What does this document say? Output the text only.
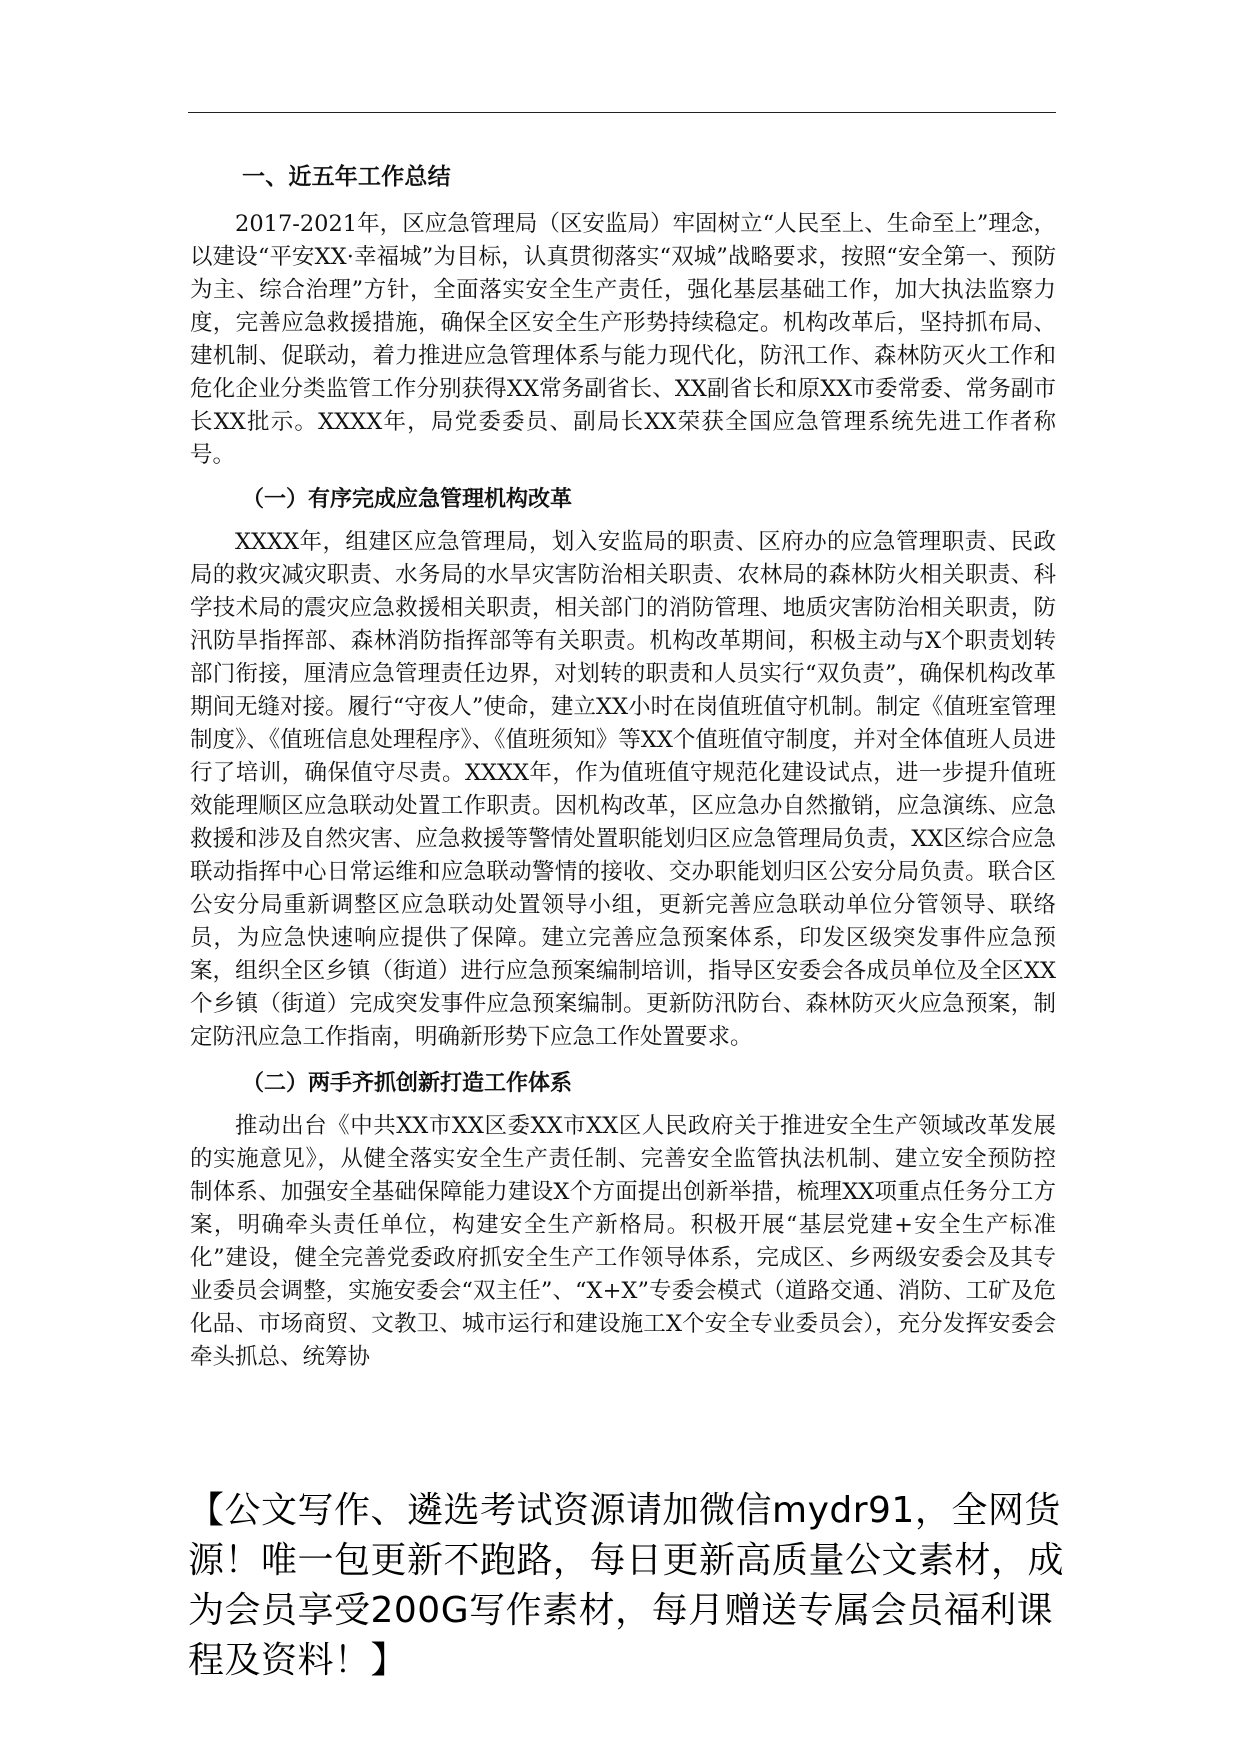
一、近五年工作总结

2017-2021年，区应急管理局（区安监局）牢固树立“人民至上、生命至上”理念，以建设“平安XX·幸福城”为目标，认真贯彻落实“双城”战略要求，按照“安全第一、预防为主、综合治理”方针，全面落实安全生产责任，强化基层基础工作，加大执法监察力度，完善应急救援措施，确保全区安全生产形势持续稳定。机构改革后，坚持抓布局、建机制、促联动，着力推进应急管理体系与能力现代化，防汛工作、森林防灭火工作和危化企业分类监管工作分别获得XX常务副省长、XX副省长和原XX市委常委、常务副市长XX批示。XXXX年，局党委委员、副局长XX荣获全国应急管理系统先进工作者称号。

（一）有序完成应急管理机构改革

XXXX年，组建区应急管理局，划入安监局的职责、区府办的应急管理职责、民政局的救灾减灾职责、水务局的水旱灾害防治相关职责、农林局的森林防火相关职责、科学技术局的震灾应急救援相关职责，相关部门的消防管理、地质灾害防治相关职责，防汛防旱指挥部、森林消防指挥部等有关职责。机构改革期间，积极主动与X个职责划转部门衔接，厘清应急管理责任边界，对划转的职责和人员实行“双负责”，确保机构改革期间无缝对接。履行“守夜人”使命，建立XX小时在岗值班值守机制。制定《值班室管理制度》、《值班信息处理程序》、《值班须知》等XX个值班值守制度，并对全体值班人员进行了培训，确保值守尽责。XXXX年，作为值班值守规范化建设试点，进一步提升值班效能理顺区应急联动处置工作职责。因机构改革，区应急办自然撤销，应急演练、应急救援和涉及自然灾害、应急救援等警情处置职能划归区应急管理局负责，XX区综合应急联动指挥中心日常运维和应急联动警情的接收、交办职能划归区公安分局负责。联合区公安分局重新调整区应急联动处置领导小组，更新完善应急联动单位分管领导、联络员，为应急快速响应提供了保障。建立完善应急预案体系，印发区级突发事件应急预案，组织全区乡镇（街道）进行应急预案编制培训，指导区安委会各成员单位及全区XX个乡镇（街道）完成突发事件应急预案编制。更新防汛防台、森林防灭火应急预案，制定防汛应急工作指南，明确新形势下应急工作处置要求。

（二）两手齐抓创新打造工作体系

推动出台《中共XX市XX区委XX市XX区人民政府关于推进安全生产领域改革发展的实施意见》，从健全落实安全生产责任制、完善安全监管执法机制、建立安全预防控制体系、加强安全基础保障能力建设X个方面提出创新举措，梳理XX项重点任务分工方案，明确牵头责任单位，构建安全生产新格局。积极开展“基层党建+安全生产标准化”建设，健全完善党委政府抓安全生产工作领导体系，完成区、乡两级安委会及其专业委员会调整，实施安委会“双主任”、“X+X”专委会模式（道路交通、消防、工矿及危化品、市场商贸、文教卫、城市运行和建设施工X个安全专业委员会），充分发挥安委会牵头抓总、统筹协

【公文写作、遴选考试资源请加微信mydr91，全网货源！唯一包更新不跑路，每日更新高质量公文素材，成为会员享受200G写作素材，每月赠送专属会员福利课程及资料！】
